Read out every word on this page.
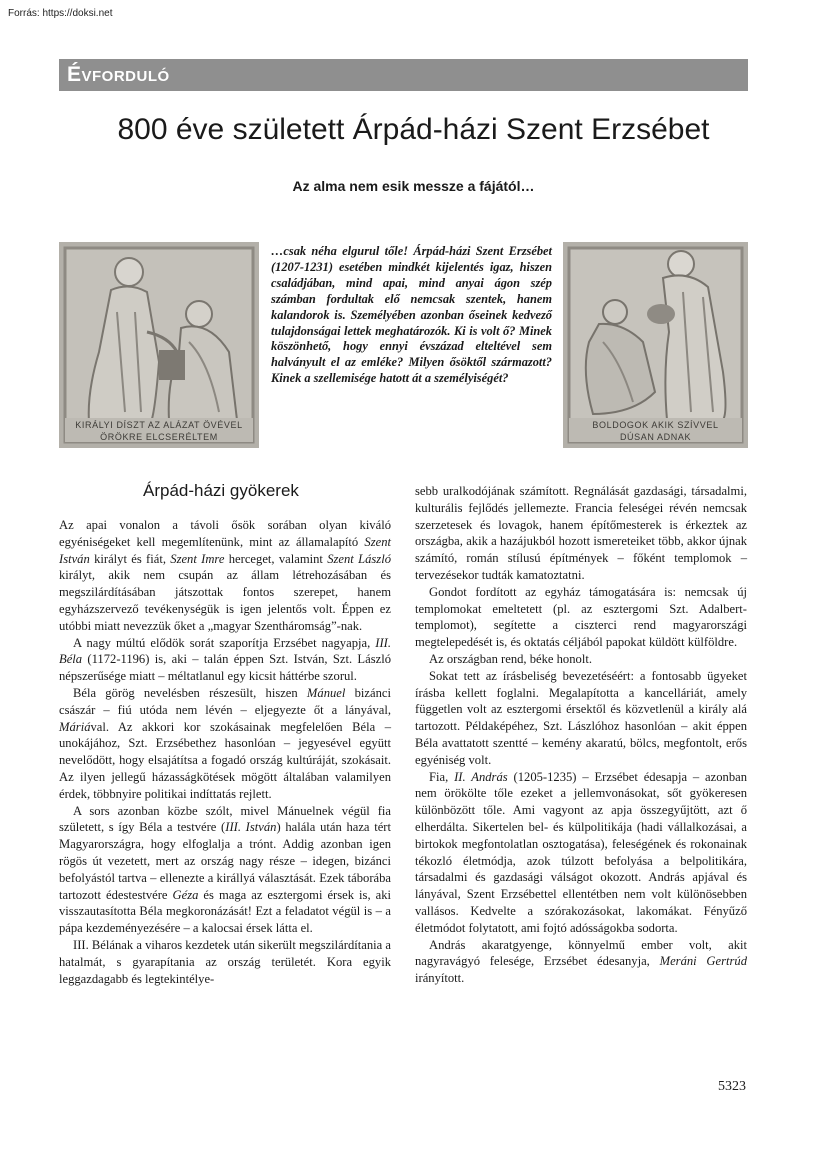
Forrás: https://doksi.net
Évforduló
800 éve született Árpád-házi Szent Erzsébet
Az alma nem esik messze a fájától…
KIRÁLYI DÍSZT AZ ALÁZAT ÖVÉVEL
ÖRÖKRE ELCSERÉLTEM
BOLDOGOK AKIK SZÍVVEL
DÚSAN ADNAK

…csak néha elgurul tőle! Árpád-házi Szent Erzsébet (1207-1231) esetében mindkét kijelentés igaz, hiszen családjában, mind apai, mind anyai ágon szép számban fordultak elő nemcsak szentek, hanem kalandorok is. Személyében azonban őseinek kedvező tulajdonságai lettek meghatározók. Ki is volt ő? Minek köszönhető, hogy ennyi évszázad elteltével sem halványult el az emléke? Milyen ősöktől származott? Kinek a szellemisége hatott át a személyiségét?

Árpád-házi gyökerek

Az apai vonalon a távoli ősök sorában olyan kiváló egyéniségeket kell megemlítenünk, mint az államalapító Szent István királyt és fiát, Szent Imre herceget, valamint Szent László királyt, akik nem csupán az állam létrehozásában és megszilárdításában játszottak fontos szerepet, hanem egyházszervező tevékenységük is igen jelentős volt. Éppen ez utóbbi miatt nevezzük őket a „magyar Szentháromság”-nak.

A nagy múltú elődök sorát szaporítja Erzsébet nagyapja, III. Béla (1172-1196) is, aki – talán éppen Szt. István, Szt. László népszerűsége miatt – méltatlanul egy kicsit háttérbe szorul.

Béla görög nevelésben részesült, hiszen Mánuel bizánci császár – fiú utóda nem lévén – eljegyezte őt a lányával, Máriával. Az akkori kor szokásainak megfelelően Béla – unokájához, Szt. Erzsébethez hasonlóan – jegyesével együtt nevelődött, hogy elsajátítsa a fogadó ország kultúráját, szokásait. Az ilyen jellegű házasságkötések mögött általában valamilyen érdek, többnyire politikai indíttatás rejlett.

A sors azonban közbe szólt, mivel Mánuelnek végül fia született, s így Béla a testvére (III. István) halála után haza tért Magyarországra, hogy elfoglalja a trónt. Addig azonban igen rögös út vezetett, mert az ország nagy része – idegen, bizánci befolyástól tartva – ellenezte a királlyá választását. Ezek táborába tartozott édestestvére Géza és maga az esztergomi érsek is, aki visszautasította Béla megkoronázását! Ezt a feladatot végül is – a pápa kezdeményezésére – a kalocsai érsek látta el.

III. Bélának a viharos kezdetek után sikerült megszilárdítania a hatalmát, s gyarapítania az ország területét. Kora egyik leggazdagabb és legtekintélye-

sebb uralkodójának számított. Regnálását gazdasági, társadalmi, kulturális fejlődés jellemezte. Francia feleségei révén nemcsak szerzetesek és lovagok, hanem építőmesterek is érkeztek az országba, akik a hazájukból hozott ismereteiket több, akkor újnak számító, román stílusú építmények – főként templomok – tervezésekor tudták kamatoztatni.

Gondot fordított az egyház támogatására is: nemcsak új templomokat emeltetett (pl. az esztergomi Szt. Adalbert-templomot), segítette a ciszterci rend magyarországi megtelepedését is, és oktatás céljából papokat küldött külföldre.

Az országban rend, béke honolt.

Sokat tett az írásbeliség bevezetéséért: a fontosabb ügyeket írásba kellett foglalni. Megalapította a kancelláriát, amely független volt az esztergomi érsektől és közvetlenül a király alá tartozott. Példaképéhez, Szt. Lászlóhoz hasonlóan – akit éppen Béla avattatott szentté – kemény akaratú, bölcs, megfontolt, erős egyéniség volt.

Fia, II. András (1205-1235) – Erzsébet édesapja – azonban nem örökölte tőle ezeket a jellemvonásokat, sőt gyökeresen különbözött tőle. Ami vagyont az apja összegyűjtött, azt ő elherdálta. Sikertelen bel- és külpolitikája (hadi vállalkozásai, a birtokok megfontolatlan osztogatása), feleségének és rokonainak tékozló életmódja, azok túlzott befolyása a belpolitikára, társadalmi és gazdasági válságot okozott. András apjával és lányával, Szent Erzsébettel ellentétben nem volt különösebben vallásos. Kedvelte a szórakozásokat, lakomákat. Fényűző életmódot folytatott, ami fojtó adósságokba sodorta.

András akaratgyenge, könnyelmű ember volt, akit nagyravágyó felesége, Erzsébet édesanyja, Meráni Gertrúd irányított.

5323
